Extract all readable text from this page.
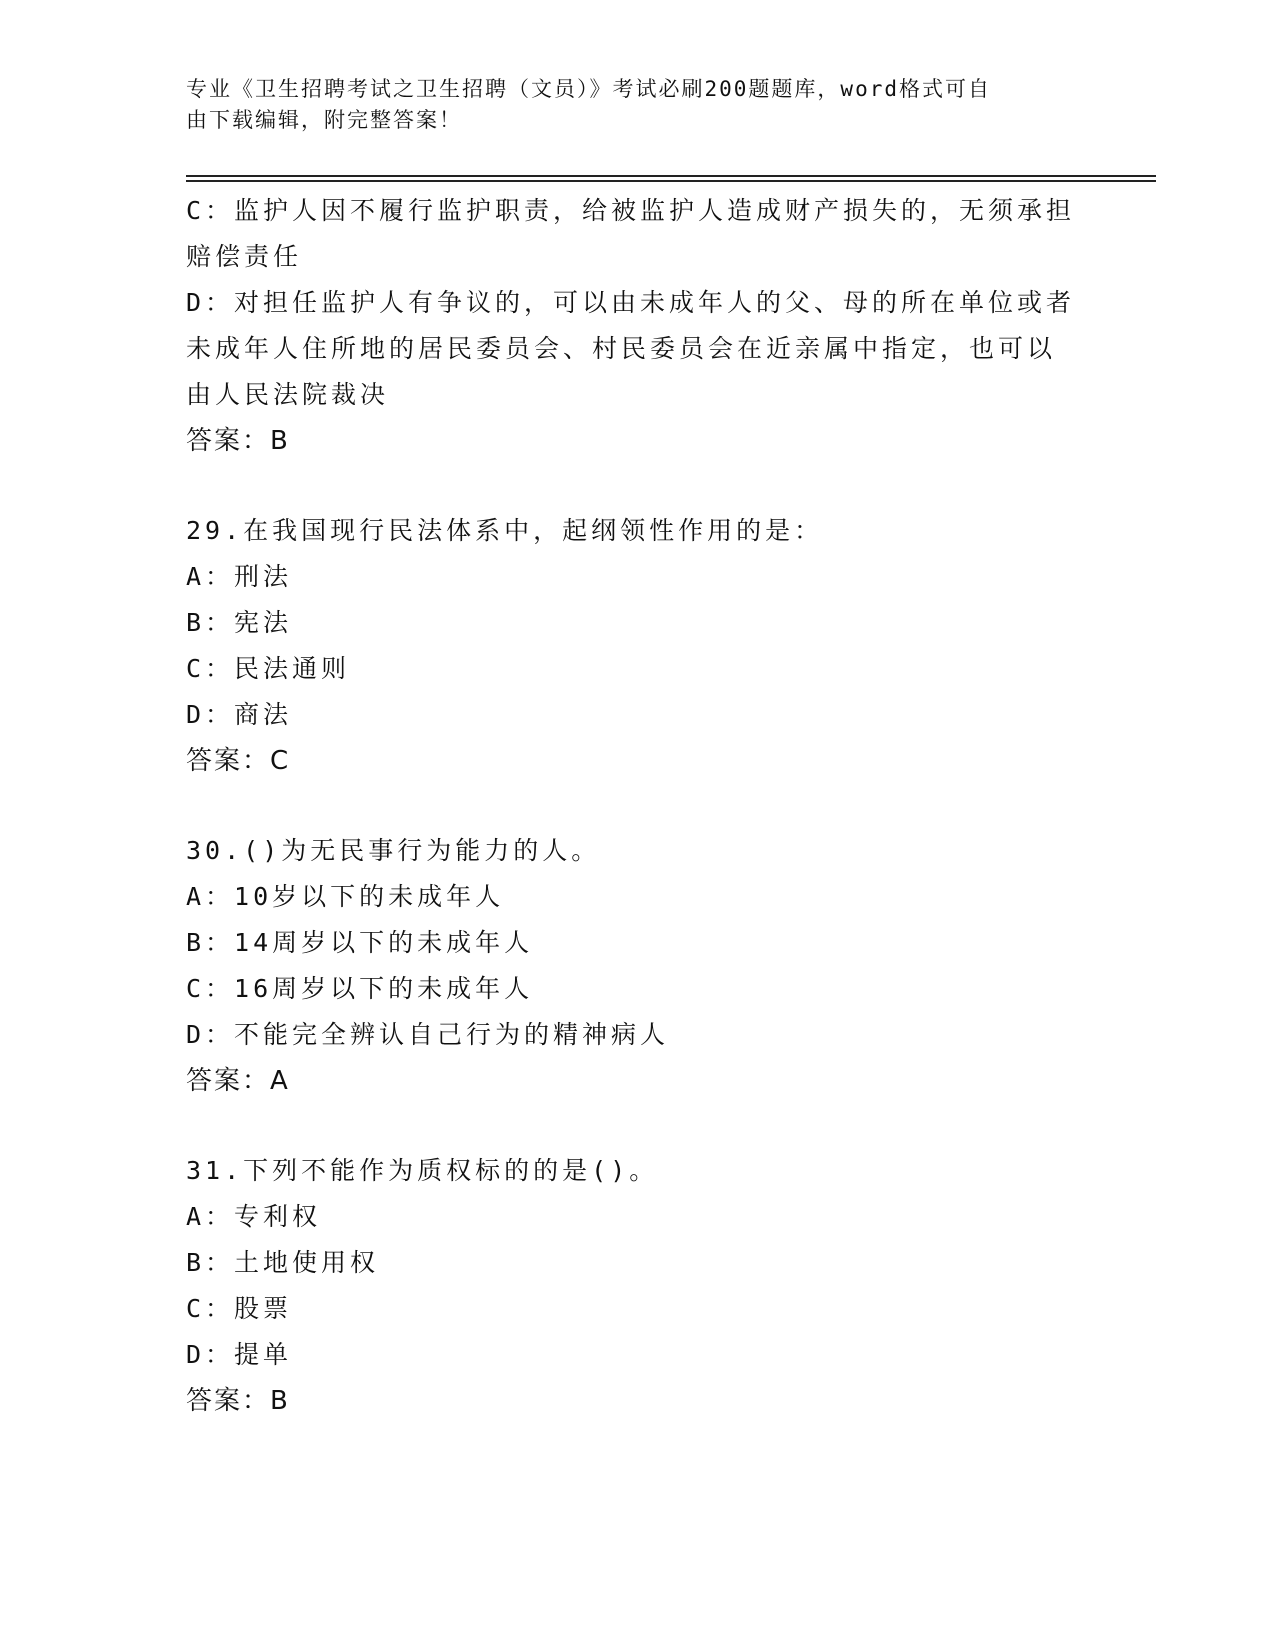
专业《卫生招聘考试之卫生招聘（文员）》考试必刷200题题库，word格式可自
由下载编辑，附完整答案！
C：监护人因不履行监护职责，给被监护人造成财产损失的，无须承担
赔偿责任
D：对担任监护人有争议的，可以由未成年人的父、母的所在单位或者
未成年人住所地的居民委员会、村民委员会在近亲属中指定，也可以
由人民法院裁决
答案：B
29.在我国现行民法体系中，起纲领性作用的是：
A：刑法
B：宪法
C：民法通则
D：商法
答案：C
30.()为无民事行为能力的人。
A：10岁以下的未成年人
B：14周岁以下的未成年人
C：16周岁以下的未成年人
D：不能完全辨认自己行为的精神病人
答案：A
31.下列不能作为质权标的的是()。
A：专利权
B：土地使用权
C：股票
D：提单
答案：B
